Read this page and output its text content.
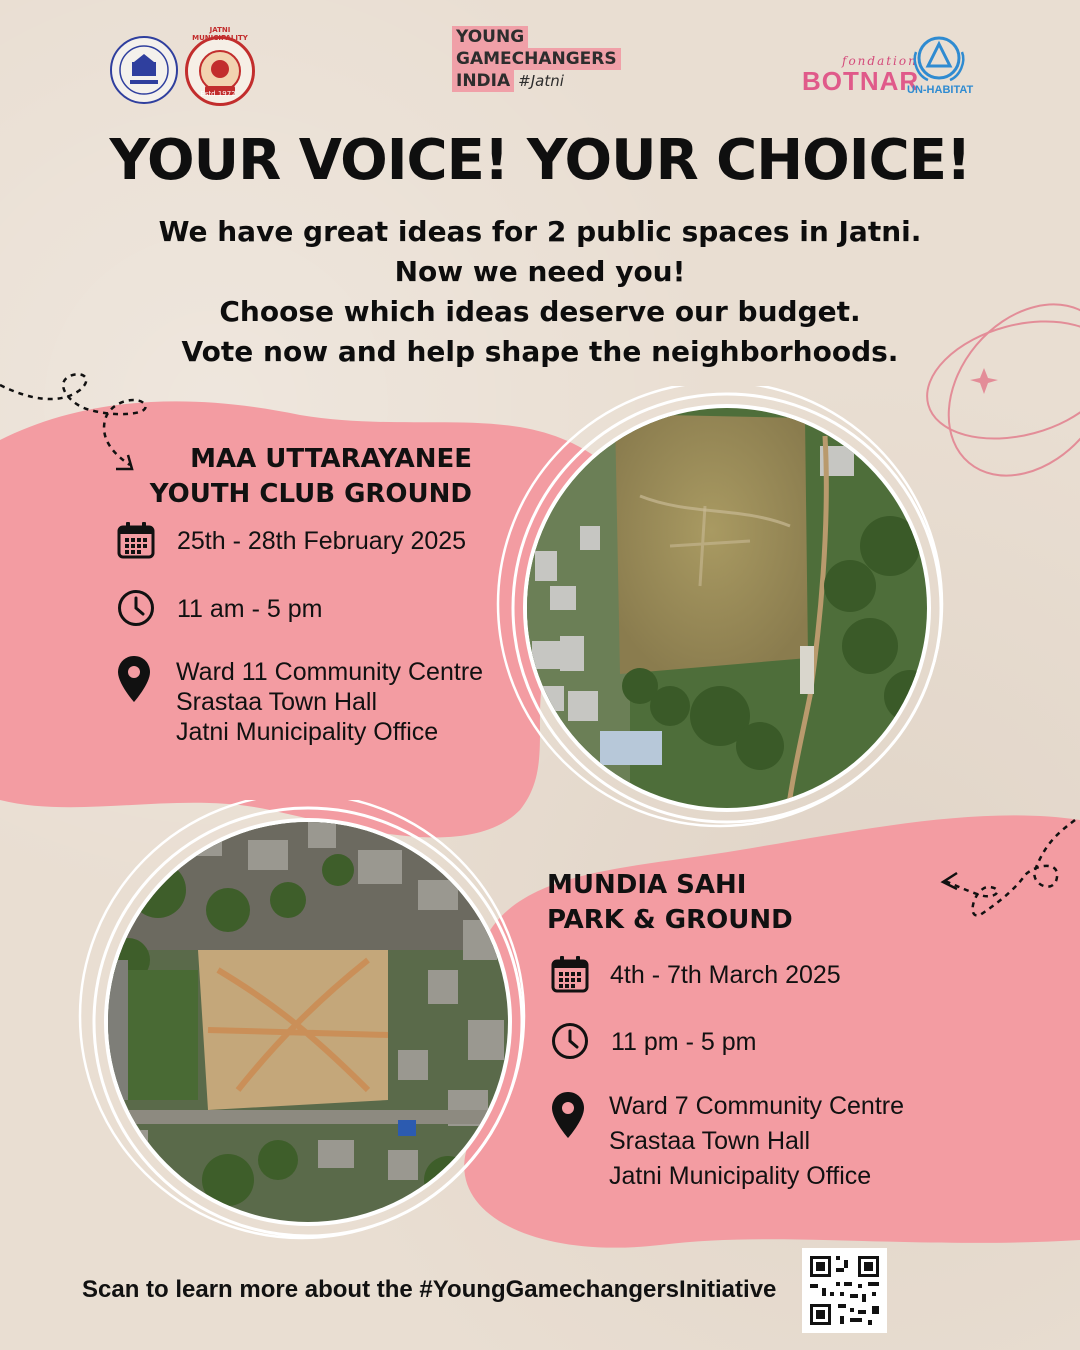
JATNI MUNICIPALITY
Estd 1972
YOUNG
GAMECHANGERS
INDIA #Jatni
fondation
BOTNAR
UN-HABITAT
YOUR VOICE! YOUR CHOICE!
We have great ideas for 2 public spaces in Jatni.
Now we need you!
Choose which ideas deserve our budget.
Vote now and help shape the neighborhoods.
MAA UTTARAYANEE
YOUTH CLUB GROUND
25th - 28th February 2025
11 am - 5 pm
Ward 11 Community Centre
Srastaa Town Hall
Jatni Municipality Office
MUNDIA SAHI
PARK & GROUND
4th - 7th March 2025
11 pm - 5 pm
Ward 7 Community Centre
Srastaa Town Hall
Jatni Municipality Office
Scan to learn more about the #YoungGamechangersInitiative
